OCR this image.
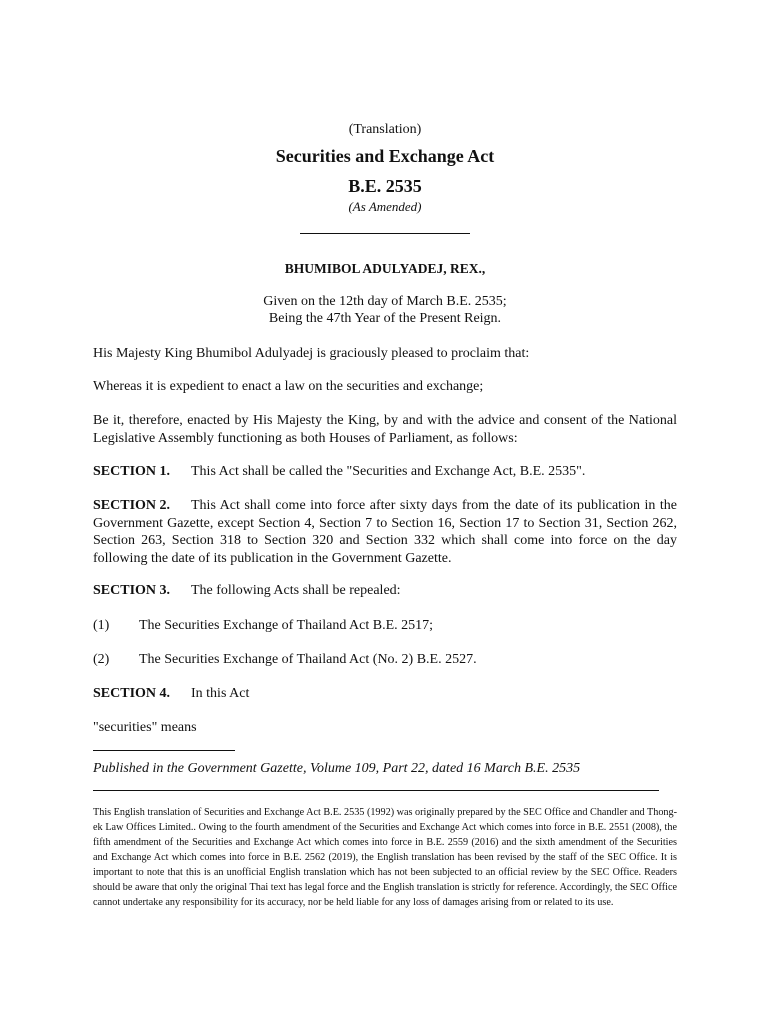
(Translation)
Securities and Exchange Act
B.E. 2535
(As Amended)
BHUMIBOL ADULYADEJ, REX.,
Given on the 12th day of March B.E. 2535;
Being the 47th Year of the Present Reign.
His Majesty King Bhumibol Adulyadej is graciously pleased to proclaim that:
Whereas it is expedient to enact a law on the securities and exchange;
Be it, therefore, enacted by His Majesty the King, by and with the advice and consent of the National Legislative Assembly functioning as both Houses of Parliament, as follows:
SECTION 1. This Act shall be called the "Securities and Exchange Act, B.E. 2535".
SECTION 2. This Act shall come into force after sixty days from the date of its publication in the Government Gazette, except Section 4, Section 7 to Section 16, Section 17 to Section 31, Section 262, Section 263, Section 318 to Section 320 and Section 332 which shall come into force on the day following the date of its publication in the Government Gazette.
SECTION 3. The following Acts shall be repealed:
(1) The Securities Exchange of Thailand Act B.E. 2517;
(2) The Securities Exchange of Thailand Act (No. 2) B.E. 2527.
SECTION 4. In this Act
"securities" means
Published in the Government Gazette, Volume 109, Part 22, dated 16 March B.E. 2535
This English translation of Securities and Exchange Act B.E. 2535 (1992) was originally prepared by the SEC Office and Chandler and Thong-ek Law Offices Limited.. Owing to the fourth amendment of the Securities and Exchange Act which comes into force in B.E. 2551 (2008), the fifth amendment of the Securities and Exchange Act which comes into force in B.E. 2559 (2016) and the sixth amendment of the Securities and Exchange Act which comes into force in B.E. 2562 (2019), the English translation has been revised by the staff of the SEC Office. It is important to note that this is an unofficial English translation which has not been subjected to an official review by the SEC Office. Readers should be aware that only the original Thai text has legal force and the English translation is strictly for reference. Accordingly, the SEC Office cannot undertake any responsibility for its accuracy, nor be held liable for any loss of damages arising from or related to its use.
